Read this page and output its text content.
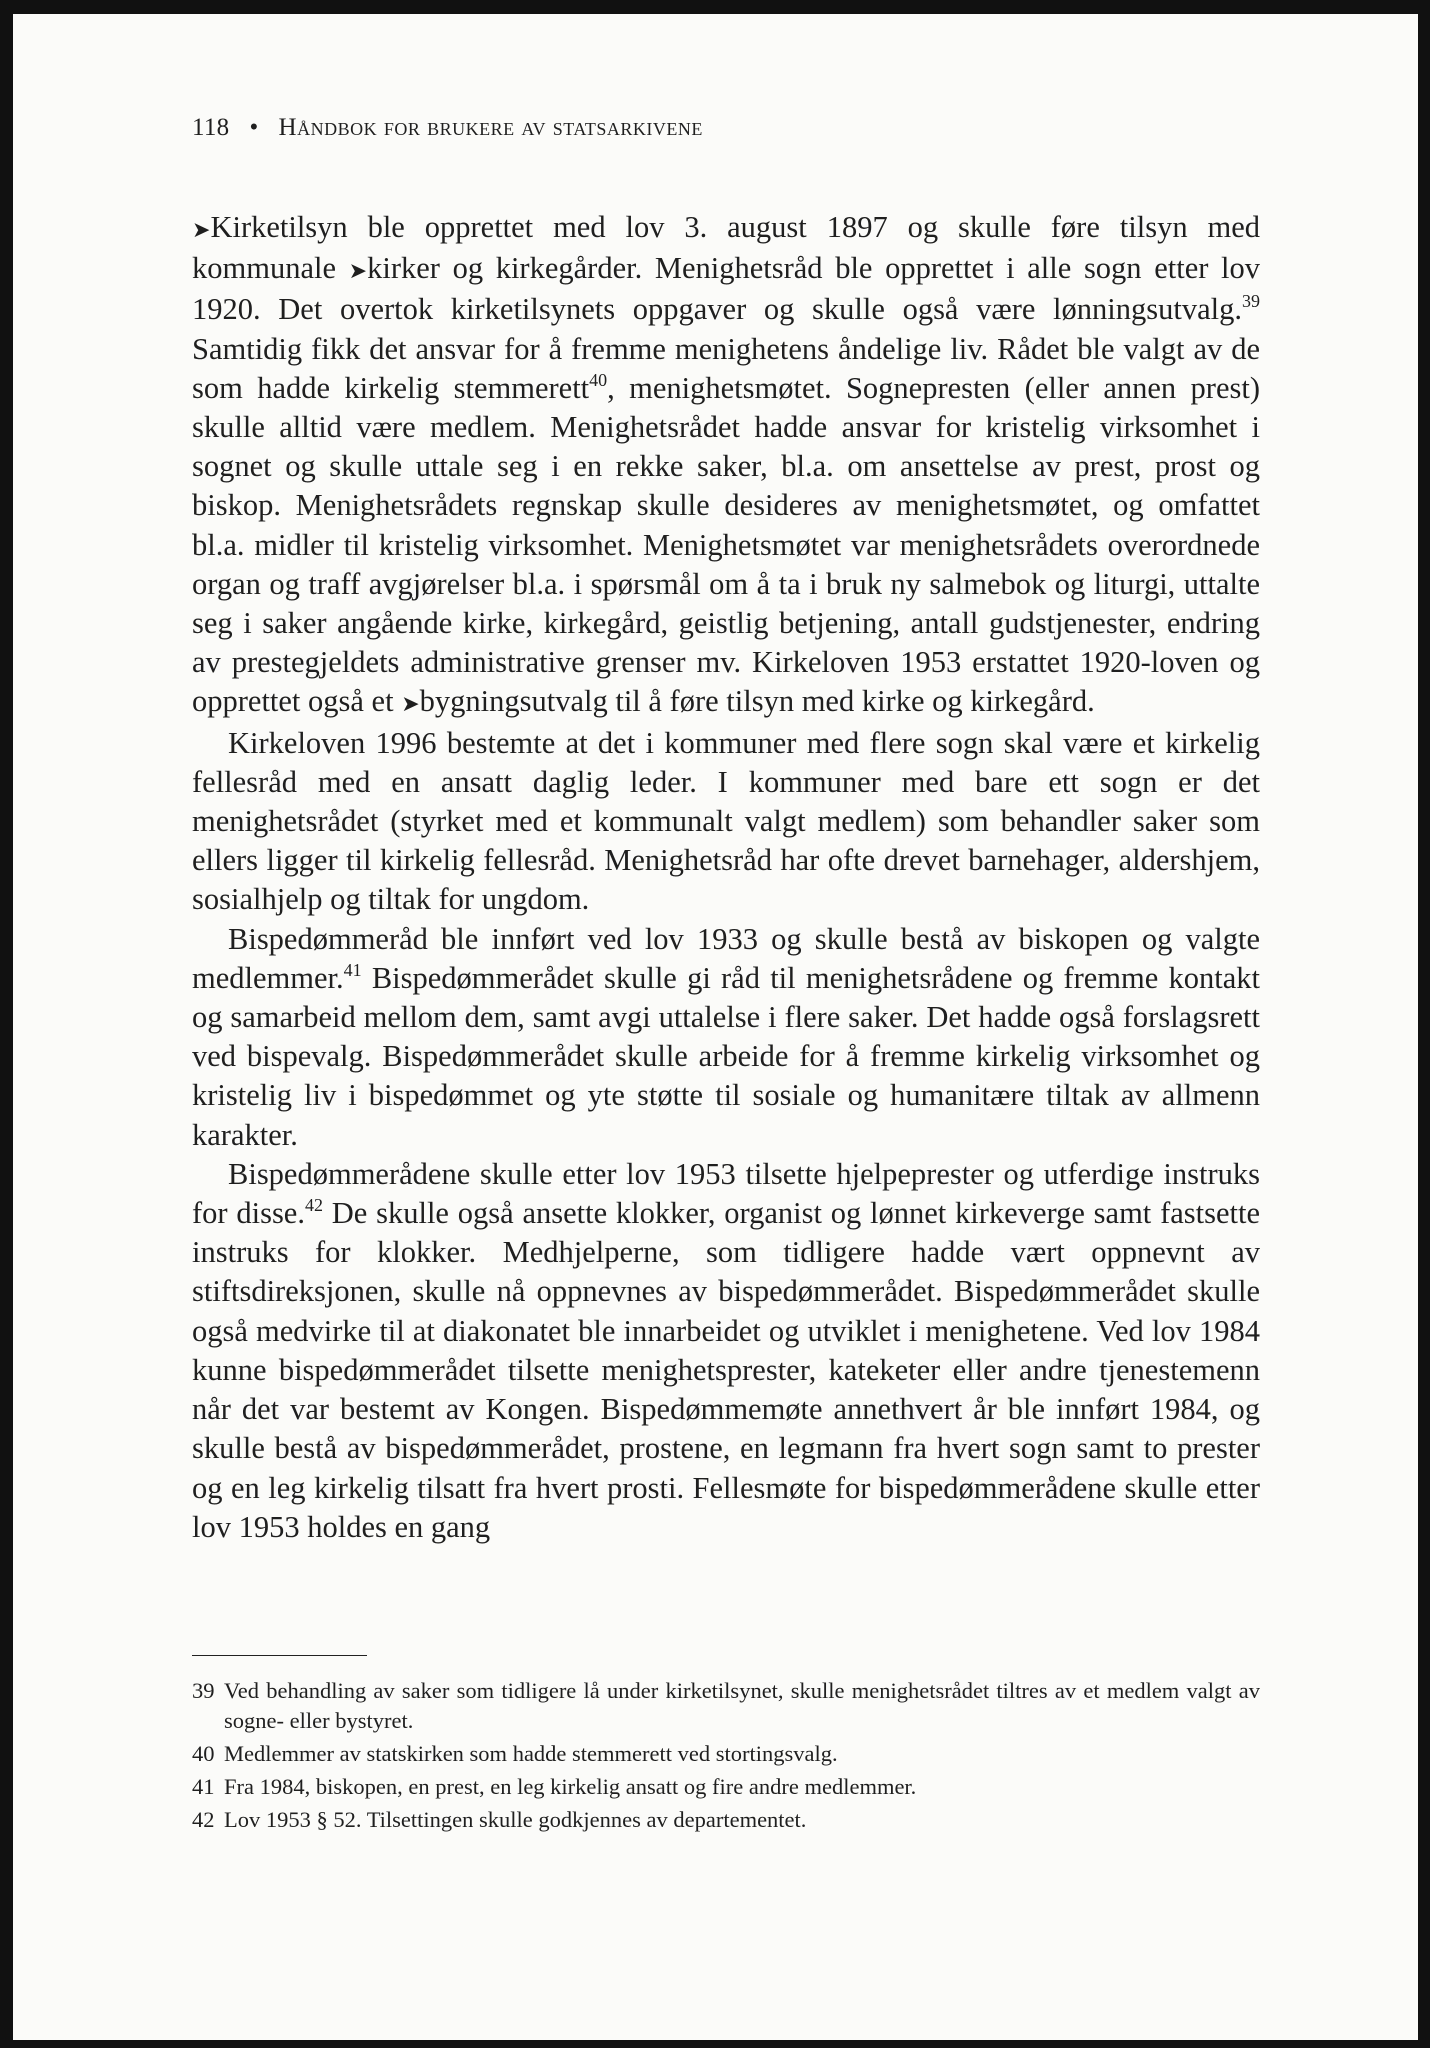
118 • Håndbok for brukere av statsarkivene

➤Kirketilsyn ble opprettet med lov 3. august 1897 og skulle føre tilsyn med kommunale ➤kirker og kirkegårder. Menighetsråd ble opprettet i alle sogn etter lov 1920. Det overtok kirketilsynets oppgaver og skulle også være lønningsutvalg.$^{39}$ Samtidig fikk det ansvar for å fremme menighetens åndelige liv. Rådet ble valgt av de som hadde kirkelig stemmerett$^{40}$, menighetsmøtet. Sognepresten (eller annen prest) skulle alltid være medlem. Menighetsrådet hadde ansvar for kristelig virksomhet i sognet og skulle uttale seg i en rekke saker, bl.a. om ansettelse av prest, prost og biskop. Menighetsrådets regnskap skulle desideres av menighetsmøtet, og omfattet bl.a. midler til kristelig virksomhet. Menighetsmøtet var menighetsrådets overordnede organ og traff avgjørelser bl.a. i spørsmål om å ta i bruk ny salmebok og liturgi, uttalte seg i saker angående kirke, kirkegård, geistlig betjening, antall gudstjenester, endring av prestegjeldets administrative grenser mv. Kirkeloven 1953 erstattet 1920-loven og opprettet også et ➤bygningsutvalg til å føre tilsyn med kirke og kirkegård.

Kirkeloven 1996 bestemte at det i kommuner med flere sogn skal være et kirkelig fellesråd med en ansatt daglig leder. I kommuner med bare ett sogn er det menighetsrådet (styrket med et kommunalt valgt medlem) som behandler saker som ellers ligger til kirkelig fellesråd. Menighetsråd har ofte drevet barnehager, aldershjem, sosialhjelp og tiltak for ungdom.

Bispedømmeråd ble innført ved lov 1933 og skulle bestå av biskopen og valgte medlemmer.$^{41}$ Bispedømmerådet skulle gi råd til menighetsrådene og fremme kontakt og samarbeid mellom dem, samt avgi uttalelse i flere saker. Det hadde også forslagsrett ved bispevalg. Bispedømmerådet skulle arbeide for å fremme kirkelig virksomhet og kristelig liv i bispedømmet og yte støtte til sosiale og humanitære tiltak av allmenn karakter.

Bispedømmerådene skulle etter lov 1953 tilsette hjelpeprester og utferdige instruks for disse.$^{42}$ De skulle også ansette klokker, organist og lønnet kirkeverge samt fastsette instruks for klokker. Medhjelperne, som tidligere hadde vært oppnevnt av stiftsdireksjonen, skulle nå oppnevnes av bispedømmerådet. Bispedømmerådet skulle også medvirke til at diakonatet ble innarbeidet og utviklet i menighetene. Ved lov 1984 kunne bispedømmerådet tilsette menighetsprester, kateketer eller andre tjenestemenn når det var bestemt av Kongen. Bispedømmemøte annethvert år ble innført 1984, og skulle bestå av bispedømmerådet, prostene, en legmann fra hvert sogn samt to prester og en leg kirkelig tilsatt fra hvert prosti. Fellesmøte for bispedømmerådene skulle etter lov 1953 holdes en gang

39 Ved behandling av saker som tidligere lå under kirketilsynet, skulle menighetsrådet tiltres av et medlem valgt av sogne- eller bystyret.
40 Medlemmer av statskirken som hadde stemmerett ved stortingsvalg.
41 Fra 1984, biskopen, en prest, en leg kirkelig ansatt og fire andre medlemmer.
42 Lov 1953 § 52. Tilsettingen skulle godkjennes av departementet.
